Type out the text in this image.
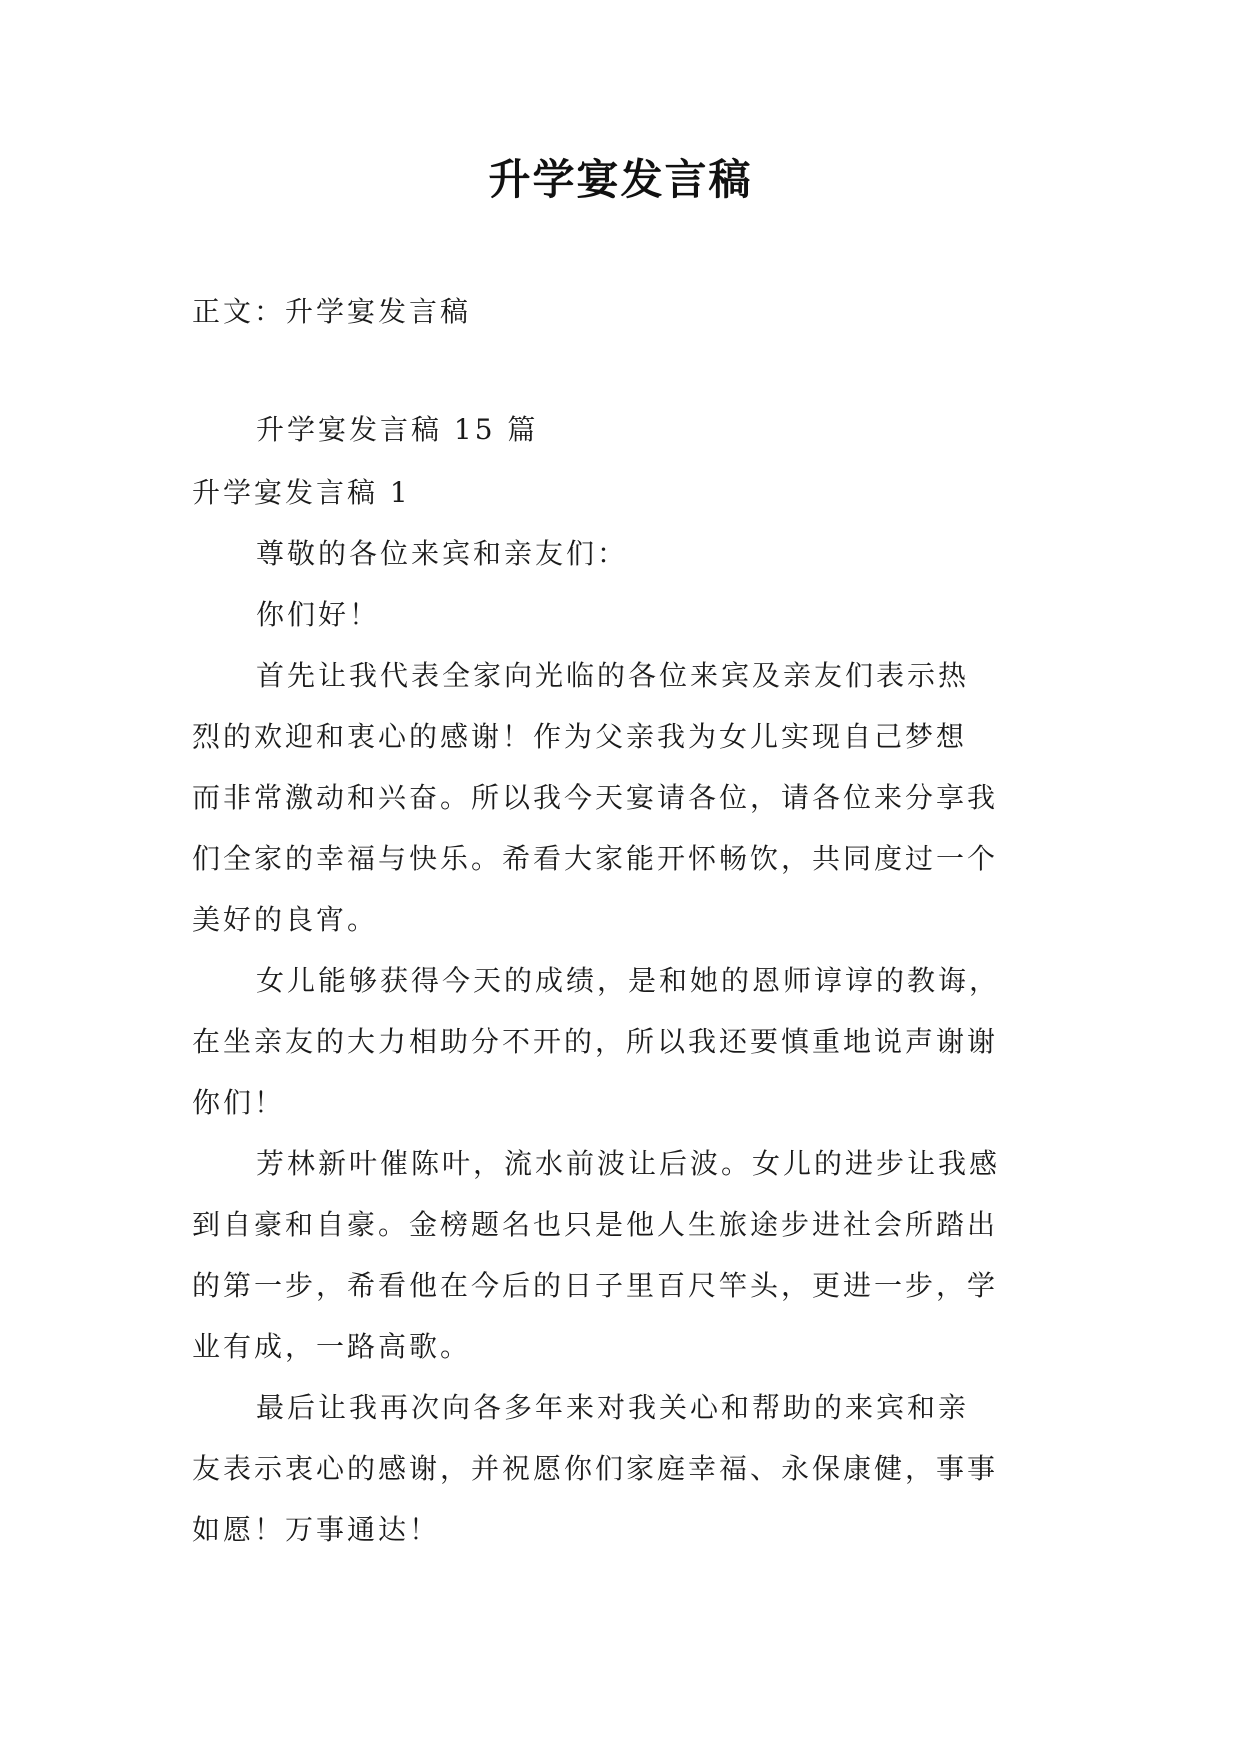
升学宴发言稿
正文：升学宴发言稿
升学宴发言稿 15 篇
升学宴发言稿 1
尊敬的各位来宾和亲友们：
你们好！
首先让我代表全家向光临的各位来宾及亲友们表示热
烈的欢迎和衷心的感谢！作为父亲我为女儿实现自己梦想
而非常激动和兴奋。所以我今天宴请各位，请各位来分享我
们全家的幸福与快乐。希看大家能开怀畅饮，共同度过一个
美好的良宵。
女儿能够获得今天的成绩，是和她的恩师谆谆的教诲，
在坐亲友的大力相助分不开的，所以我还要慎重地说声谢谢
你们！
芳林新叶催陈叶，流水前波让后波。女儿的进步让我感
到自豪和自豪。金榜题名也只是他人生旅途步进社会所踏出
的第一步，希看他在今后的日子里百尺竿头，更进一步，学
业有成，一路高歌。
最后让我再次向各多年来对我关心和帮助的来宾和亲
友表示衷心的感谢，并祝愿你们家庭幸福、永保康健，事事
如愿！万事通达！
